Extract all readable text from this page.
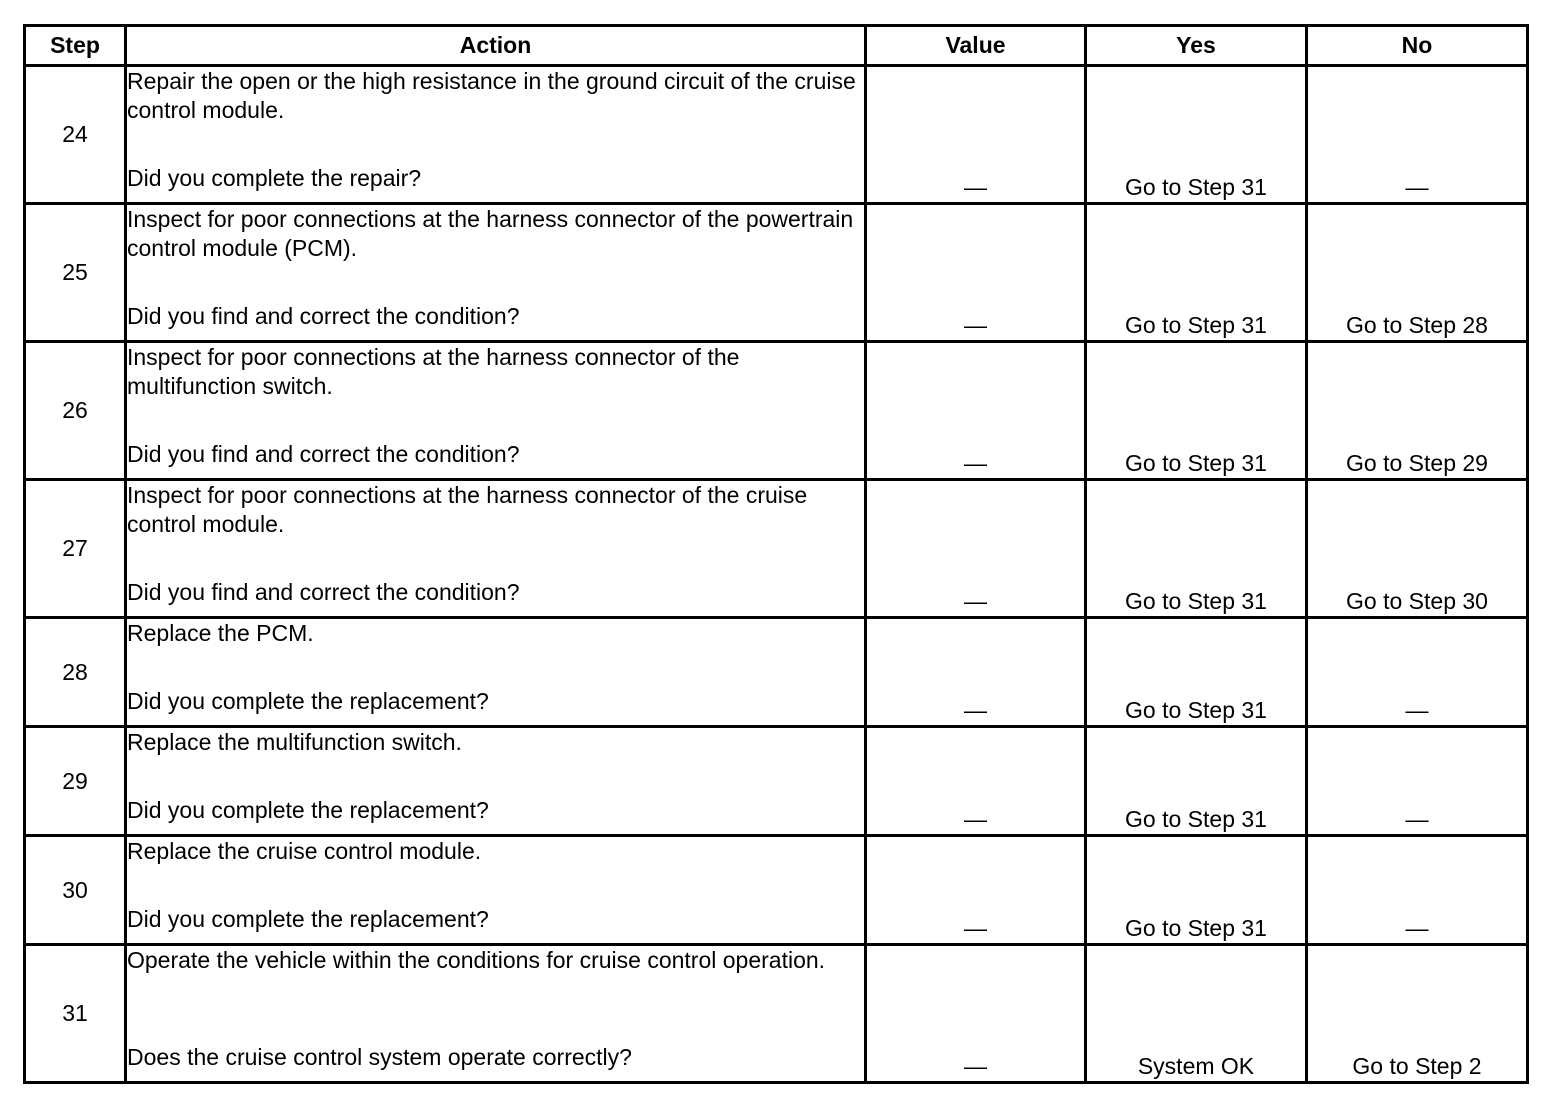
Step	Action	Value	Yes	No
24	Repair the open or the high resistance in the ground circuit of the cruise control module.
Did you complete the repair?	—	Go to Step 31	—
25	Inspect for poor connections at the harness connector of the powertrain control module (PCM).
Did you find and correct the condition?	—	Go to Step 31	Go to Step 28
26	Inspect for poor connections at the harness connector of the multifunction switch.
Did you find and correct the condition?	—	Go to Step 31	Go to Step 29
27	Inspect for poor connections at the harness connector of the cruise control module.
Did you find and correct the condition?	—	Go to Step 31	Go to Step 30
28	Replace the PCM.
Did you complete the replacement?	—	Go to Step 31	—
29	Replace the multifunction switch.
Did you complete the replacement?	—	Go to Step 31	—
30	Replace the cruise control module.
Did you complete the replacement?	—	Go to Step 31	—
31	Operate the vehicle within the conditions for cruise control operation.
Does the cruise control system operate correctly?	—	System OK	Go to Step 2
